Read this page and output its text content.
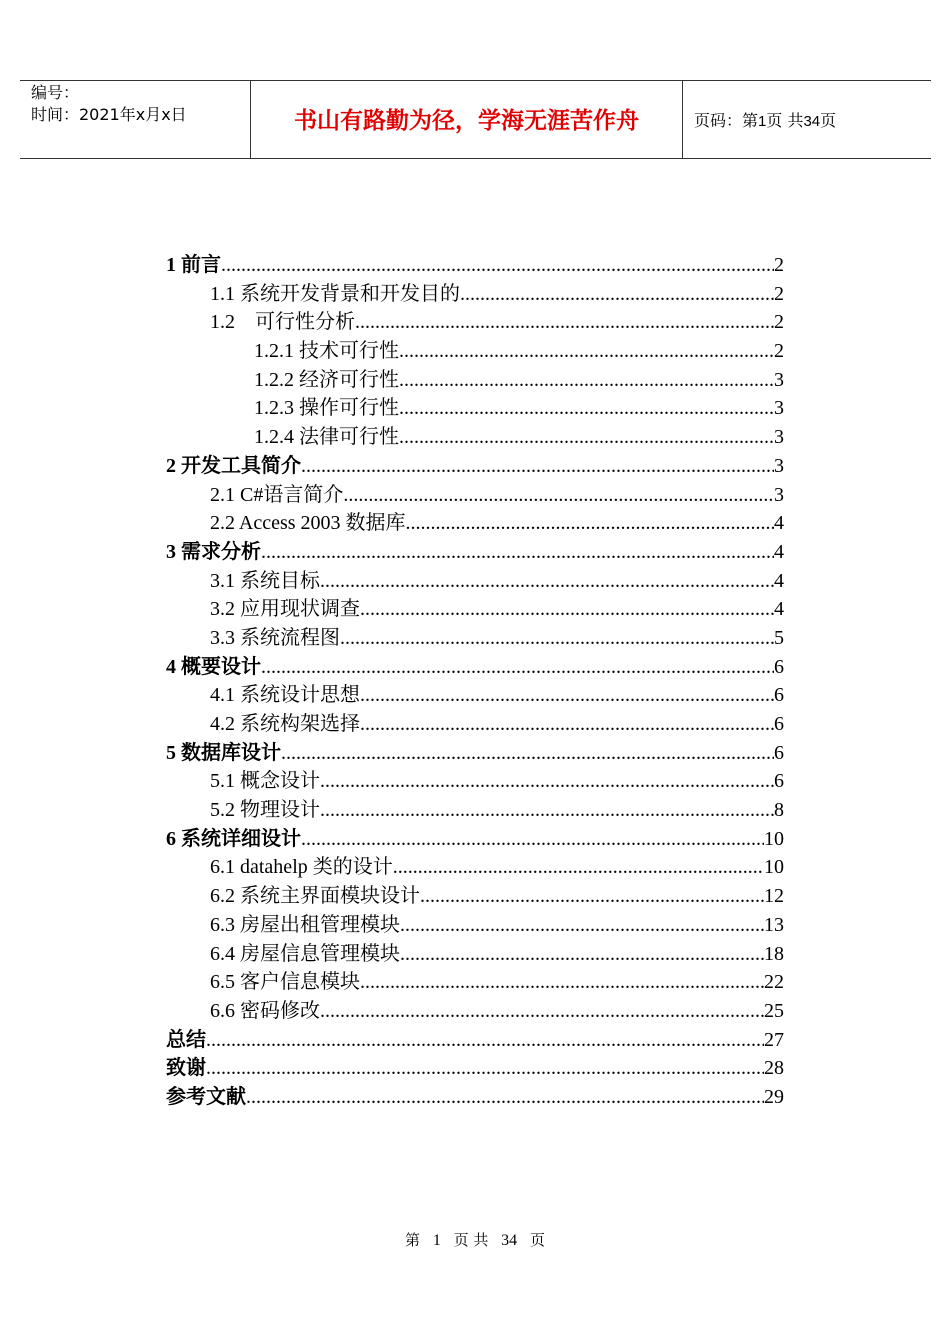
编号：
时间：2021年x月x日	书山有路勤为径，学海无涯苦作舟	页码：第1页 共34页
1 前言 .....	2
1.1 系统开发背景和开发目的 .....	2
1.2　可行性分析 .....	2
1.2.1 技术可行性 .....	2
1.2.2 经济可行性 .....	3
1.2.3 操作可行性 .....	3
1.2.4 法律可行性 .....	3
2 开发工具简介 .....	3
2.1 C#语言简介 .....	3
2.2 Access 2003 数据库 .....	4
3 需求分析 .....	4
3.1 系统目标 .....	4
3.2 应用现状调查 .....	4
3.3 系统流程图 .....	5
4 概要设计 .....	6
4.1 系统设计思想 .....	6
4.2 系统构架选择 .....	6
5 数据库设计 .....	6
5.1 概念设计 .....	6
5.2 物理设计 .....	8
6 系统详细设计 .....	10
6.1 datahelp 类的设计 .....	10
6.2 系统主界面模块设计 .....	12
6.3 房屋出租管理模块 .....	13
6.4 房屋信息管理模块 .....	18
6.5 客户信息模块 .....	22
6.6 密码修改 .....	25
总结 .....	27
致谢 .....	28
参考文献 .....	29
第 1 页 共 34 页
